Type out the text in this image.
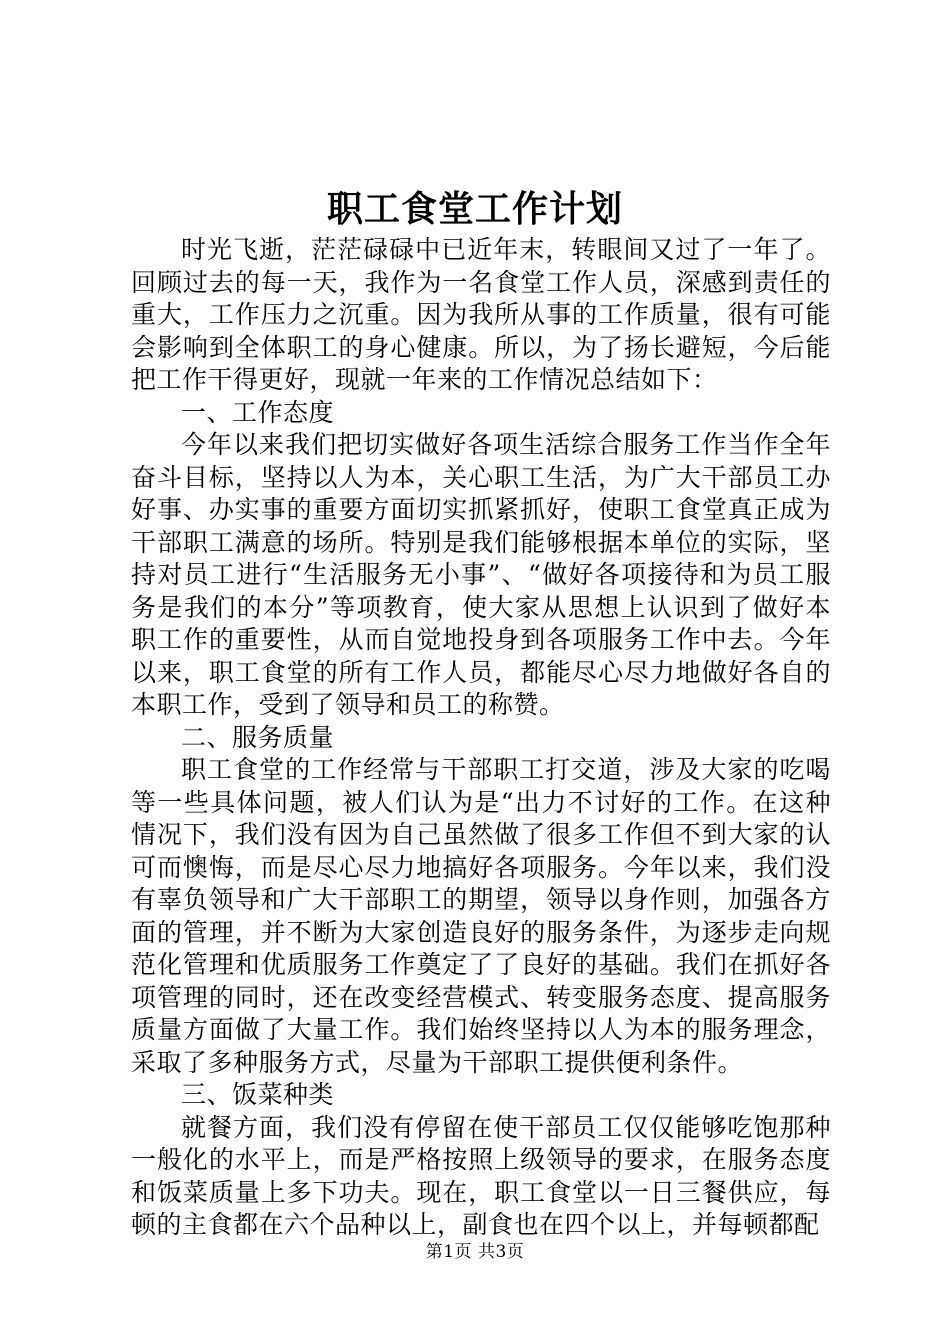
职工食堂工作计划

时光飞逝，茫茫碌碌中已近年末，转眼间又过了一年了。回顾过去的每一天，我作为一名食堂工作人员，深感到责任的重大，工作压力之沉重。因为我所从事的工作质量，很有可能会影响到全体职工的身心健康。所以，为了扬长避短，今后能把工作干得更好，现就一年来的工作情况总结如下：

一、工作态度

今年以来我们把切实做好各项生活综合服务工作当作全年奋斗目标，坚持以人为本，关心职工生活，为广大干部员工办好事、办实事的重要方面切实抓紧抓好，使职工食堂真正成为干部职工满意的场所。特别是我们能够根据本单位的实际，坚持对员工进行“生活服务无小事”、“做好各项接待和为员工服务是我们的本分”等项教育，使大家从思想上认识到了做好本职工作的重要性，从而自觉地投身到各项服务工作中去。今年以来，职工食堂的所有工作人员，都能尽心尽力地做好各自的本职工作，受到了领导和员工的称赞。

二、服务质量

职工食堂的工作经常与干部职工打交道，涉及大家的吃喝等一些具体问题，被人们认为是“出力不讨好的工作。在这种情况下，我们没有因为自己虽然做了很多工作但不到大家的认可而懊悔，而是尽心尽力地搞好各项服务。今年以来，我们没有辜负领导和广大干部职工的期望，领导以身作则，加强各方面的管理，并不断为大家创造良好的服务条件，为逐步走向规范化管理和优质服务工作奠定了了良好的基础。我们在抓好各项管理的同时，还在改变经营模式、转变服务态度、提高服务质量方面做了大量工作。我们始终坚持以人为本的服务理念，采取了多种服务方式，尽量为干部职工提供便利条件。

三、饭菜种类

就餐方面，我们没有停留在使干部员工仅仅能够吃饱那种一般化的水平上，而是严格按照上级领导的要求，在服务态度和饭菜质量上多下功夫。现在，职工食堂以一日三餐供应，每顿的主食都在六个品种以上，副食也在四个以上，并每顿都配

第1页 共3页
